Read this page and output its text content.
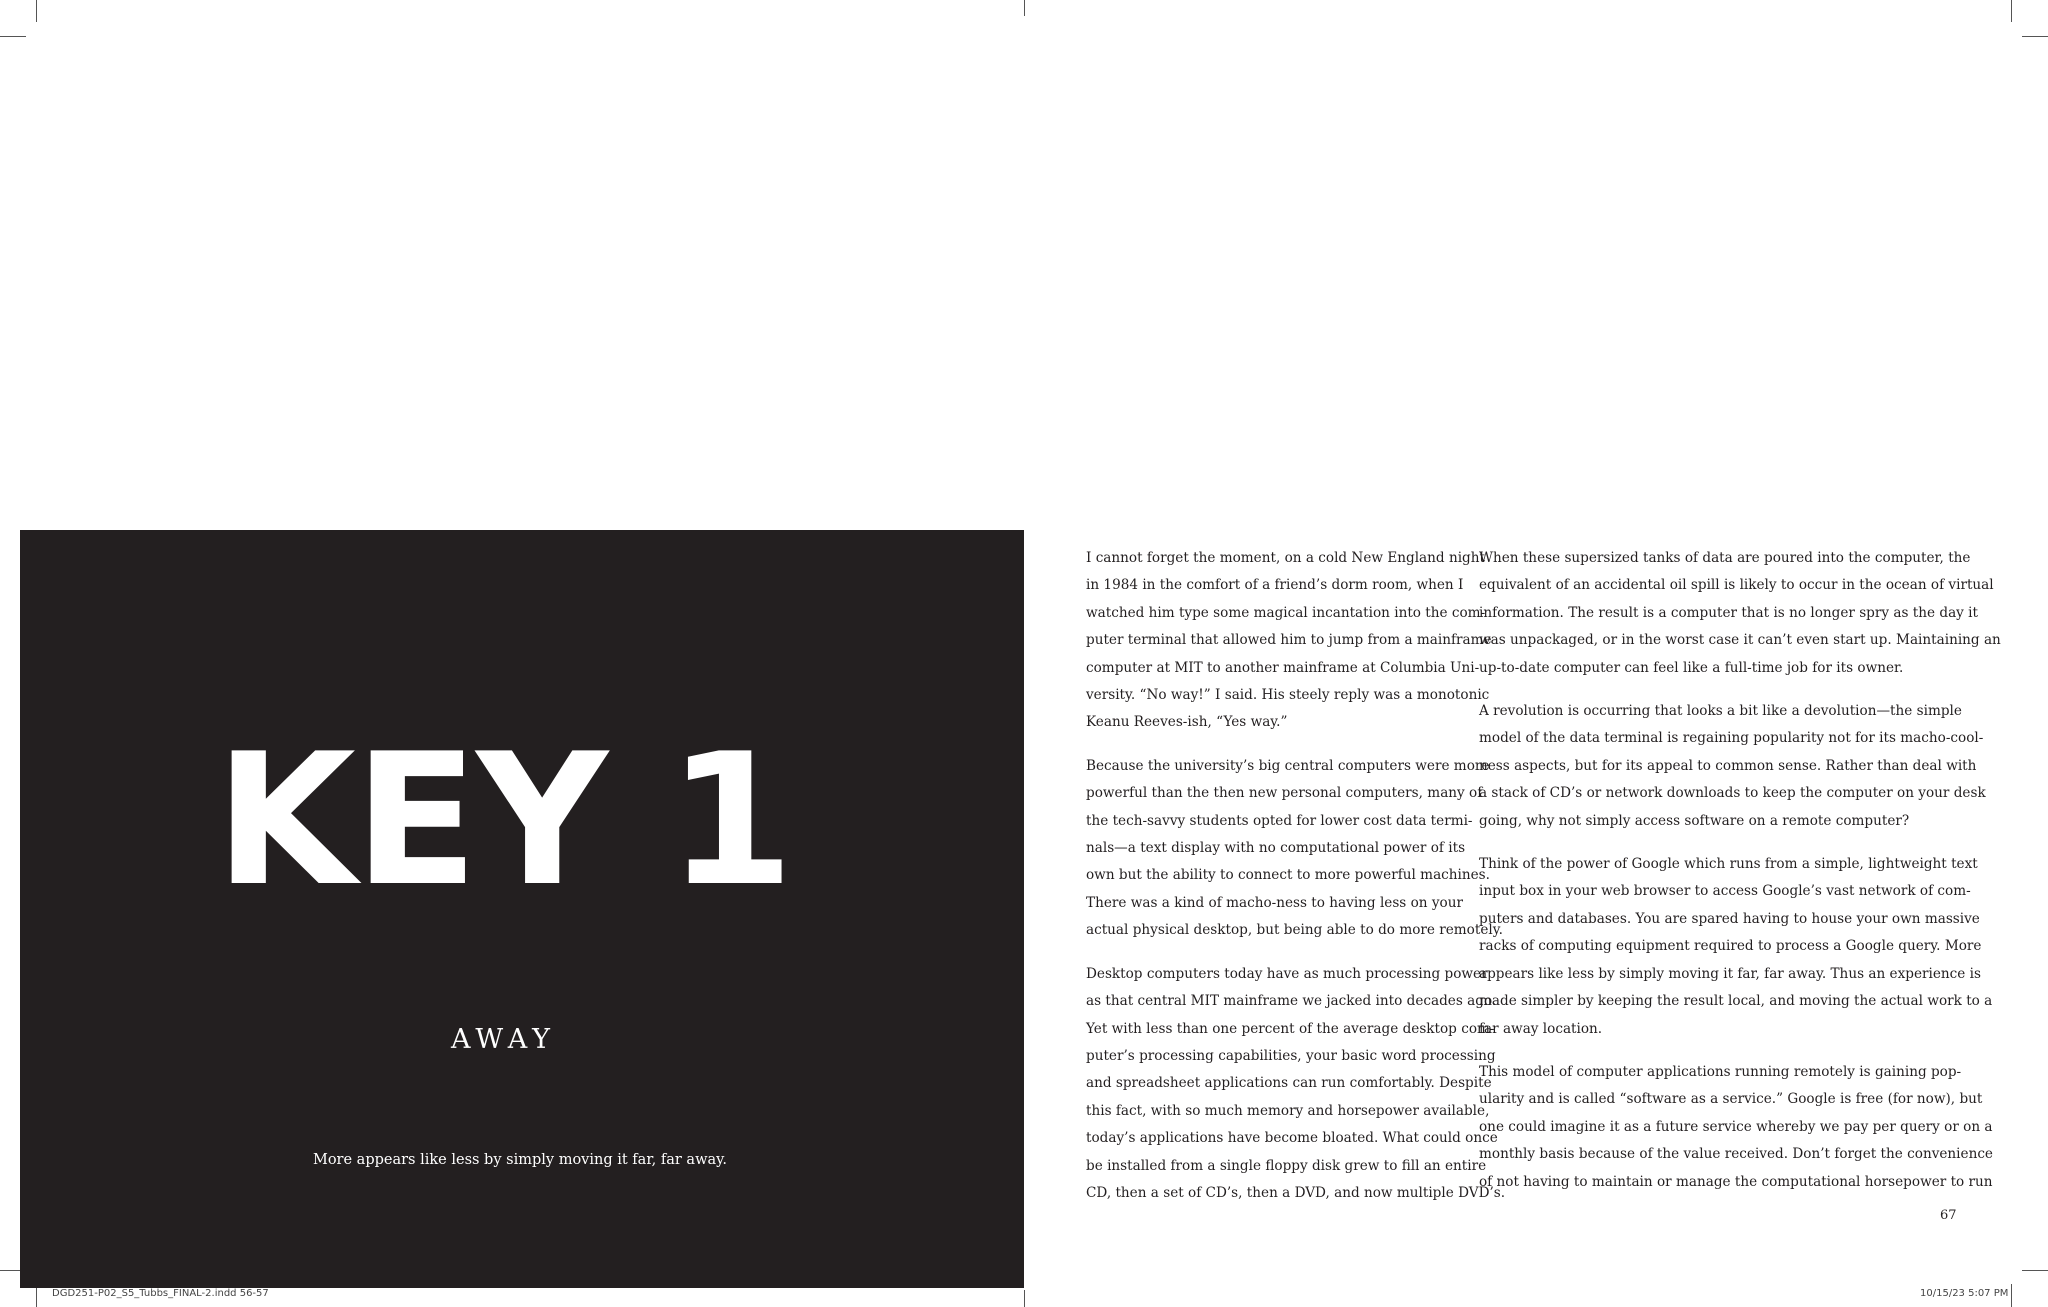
KEY 1
AWAY
More appears like less by simply moving it far, far away.

I cannot forget the moment, on a cold New England night
in 1984 in the comfort of a friend’s dorm room, when I
watched him type some magical incantation into the com-
puter terminal that allowed him to jump from a mainframe
computer at MIT to another mainframe at Columbia Uni-
versity. “No way!” I said. His steely reply was a monotonic
Keanu Reeves-ish, “Yes way.”

Because the university’s big central computers were more
powerful than the then new personal computers, many of
the tech-savvy students opted for lower cost data termi-
nals—a text display with no computational power of its
own but the ability to connect to more powerful machines.
There was a kind of macho-ness to having less on your
actual physical desktop, but being able to do more remotely.

Desktop computers today have as much processing power
as that central MIT mainframe we jacked into decades ago.
Yet with less than one percent of the average desktop com-
puter’s processing capabilities, your basic word processing
and spreadsheet applications can run comfortably. Despite
this fact, with so much memory and horsepower available,
today’s applications have become bloated. What could once
be installed from a single floppy disk grew to fill an entire
CD, then a set of CD’s, then a DVD, and now multiple DVD’s.

When these supersized tanks of data are poured into the computer, the
equivalent of an accidental oil spill is likely to occur in the ocean of virtual
information. The result is a computer that is no longer spry as the day it
was unpackaged, or in the worst case it can’t even start up. Maintaining an
up-to-date computer can feel like a full-time job for its owner.

A revolution is occurring that looks a bit like a devolution—the simple
model of the data terminal is regaining popularity not for its macho-cool-
ness aspects, but for its appeal to common sense. Rather than deal with
a stack of CD’s or network downloads to keep the computer on your desk
going, why not simply access software on a remote computer?

Think of the power of Google which runs from a simple, lightweight text
input box in your web browser to access Google’s vast network of com-
puters and databases. You are spared having to house your own massive
racks of computing equipment required to process a Google query. More
appears like less by simply moving it far, far away. Thus an experience is
made simpler by keeping the result local, and moving the actual work to a
far away location.

This model of computer applications running remotely is gaining pop-
ularity and is called “software as a service.” Google is free (for now), but
one could imagine it as a future service whereby we pay per query or on a
monthly basis because of the value received. Don’t forget the convenience
of not having to maintain or manage the computational horsepower to run

67
DGD251-P02_S5_Tubbs_FINAL-2.indd 56-57	10/15/23 5:07 PM
